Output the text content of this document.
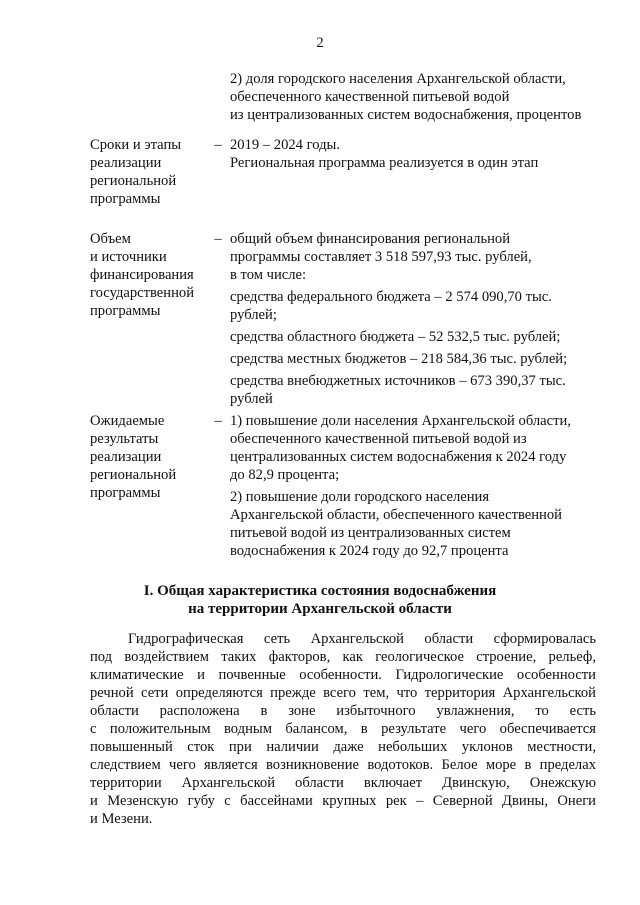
2
2) доля городского населения Архангельской области,
обеспеченного качественной питьевой водой
из централизованных систем водоснабжения, процентов
Сроки и этапы
реализации
региональной
программы
– 2019 – 2024 годы.
Региональная программа реализуется в один этап
Объем
и источники
финансирования
государственной
программы
– общий объем финансирования региональной
программы составляет 3 518 597,93 тыс. рублей,
в том числе:
средства федерального бюджета – 2 574 090,70 тыс.
рублей;
средства областного бюджета – 52 532,5 тыс. рублей;
средства местных бюджетов – 218 584,36 тыс. рублей;
средства внебюджетных источников – 673 390,37 тыс.
рублей
Ожидаемые
результаты
реализации
региональной
программы
– 1) повышение доли населения Архангельской области,
обеспеченного качественной питьевой водой из
централизованных систем водоснабжения к 2024 году
до 82,9 процента;
2) повышение доли городского населения
Архангельской области, обеспеченного качественной
питьевой водой из централизованных систем
водоснабжения к 2024 году до 92,7 процента
I. Общая характеристика состояния водоснабжения
на территории Архангельской области
Гидрографическая сеть Архангельской области сформировалась
под воздействием таких факторов, как геологическое строение, рельеф,
климатические и почвенные особенности. Гидрологические особенности
речной сети определяются прежде всего тем, что территория Архангельской
области расположена в зоне избыточного увлажнения, то есть
с положительным водным балансом, в результате чего обеспечивается
повышенный сток при наличии даже небольших уклонов местности,
следствием чего является возникновение водотоков. Белое море в пределах
территории Архангельской области включает Двинскую, Онежскую
и Мезенскую губу с бассейнами крупных рек – Северной Двины, Онеги
и Мезени.
